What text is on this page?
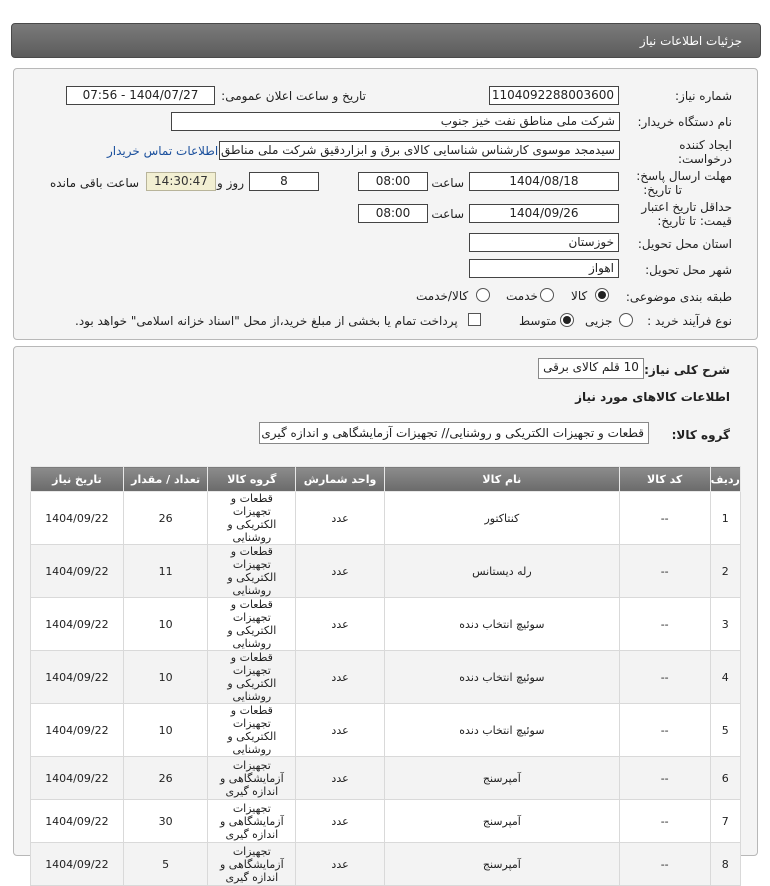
جزئیات اطلاعات نیاز
شماره نیاز:
1104092288003600
تاریخ و ساعت اعلان عمومی:
1404/07/27 - 07:56
نام دستگاه خریدار:
شرکت ملی مناطق نفت خیز جنوب
ایجاد کننده
درخواست:
سیدمجد موسوی کارشناس شناسایی کالای برق و ابزاردقیق شرکت ملی مناطق
اطلاعات تماس خریدار
مهلت ارسال پاسخ:
تا تاریخ:
1404/08/18
ساعت
08:00
8
روز و
14:30:47
ساعت باقی مانده
حداقل تاریخ اعتبار
قیمت: تا تاریخ:
1404/09/26
ساعت
08:00
استان محل تحویل:
خوزستان
شهر محل تحویل:
اهواز
طبقه بندی موضوعی:
کالا
خدمت
کالا/خدمت
نوع فرآیند خرید :
جزیی
متوسط
پرداخت تمام یا بخشی از مبلغ خرید،از محل "اسناد خزانه اسلامی" خواهد بود.
شرح کلی نیاز:
10 قلم کالای برقی
اطلاعات کالاهای مورد نیاز
گروه کالا:
قطعات و تجهیزات الکتریکی و روشنایی// تجهیزات آزمایشگاهی و اندازه گیری
ردیف	کد کالا	نام کالا	واحد شمارش	گروه کالا	تعداد / مقدار	تاریخ نیاز
1	--	کنتاکتور	عدد	قطعات و تجهیزات الکتریکی و روشنایی	26	1404/09/22
2	--	رله دیستانس	عدد	قطعات و تجهیزات الکتریکی و روشنایی	11	1404/09/22
3	--	سوئیچ انتخاب دنده	عدد	قطعات و تجهیزات الکتریکی و روشنایی	10	1404/09/22
4	--	سوئیچ انتخاب دنده	عدد	قطعات و تجهیزات الکتریکی و روشنایی	10	1404/09/22
5	--	سوئیچ انتخاب دنده	عدد	قطعات و تجهیزات الکتریکی و روشنایی	10	1404/09/22
6	--	آمپرسنج	عدد	تجهیزات آزمایشگاهی و اندازه گیری	26	1404/09/22
7	--	آمپرسنج	عدد	تجهیزات آزمایشگاهی و اندازه گیری	30	1404/09/22
8	--	آمپرسنج	عدد	تجهیزات آزمایشگاهی و اندازه گیری	5	1404/09/22
